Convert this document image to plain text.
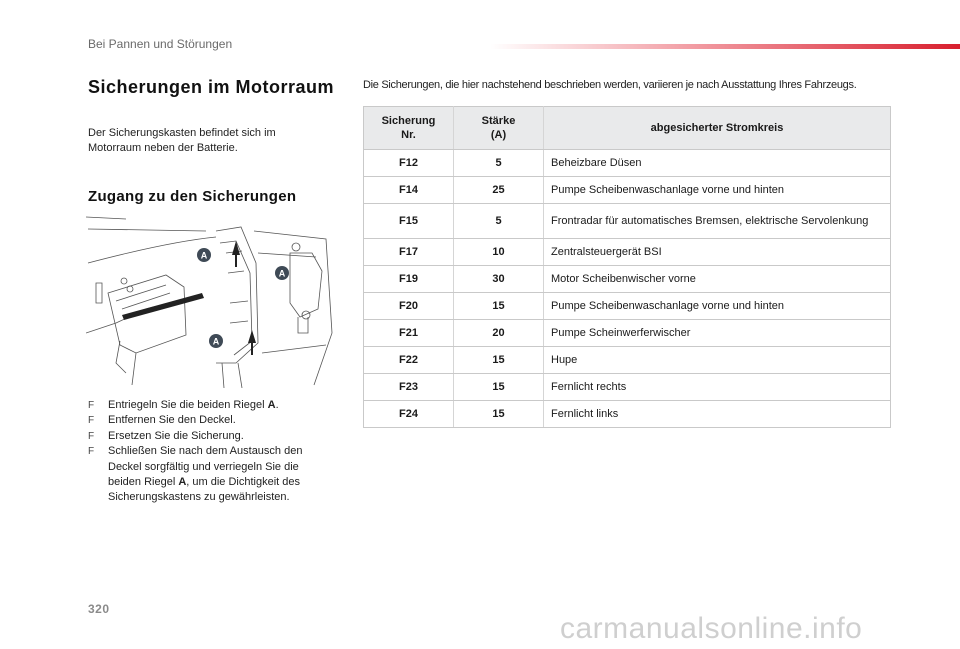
Bei Pannen und Störungen
Sicherungen im Motorraum
Der Sicherungskasten befindet sich im Motorraum neben der Batterie.
Zugang zu den Sicherungen
A
A
A
F Entriegeln Sie die beiden Riegel A.
F Entfernen Sie den Deckel.
F Ersetzen Sie die Sicherung.
F Schließen Sie nach dem Austausch den Deckel sorgfältig und verriegeln Sie die beiden Riegel A, um die Dichtigkeit des Sicherungskastens zu gewährleisten.
Die Sicherungen, die hier nachstehend beschrieben werden, variieren je nach Ausstattung Ihres Fahrzeugs.
Sicherung Nr.	Stärke (A)	abgesicherter Stromkreis
F12	5	Beheizbare Düsen
F14	25	Pumpe Scheibenwaschanlage vorne und hinten
F15	5	Frontradar für automatisches Bremsen, elektrische Servolenkung
F17	10	Zentralsteuergerät BSI
F19	30	Motor Scheibenwischer vorne
F20	15	Pumpe Scheibenwaschanlage vorne und hinten
F21	20	Pumpe Scheinwerferwischer
F22	15	Hupe
F23	15	Fernlicht rechts
F24	15	Fernlicht links
320
carmanualsonline.info
